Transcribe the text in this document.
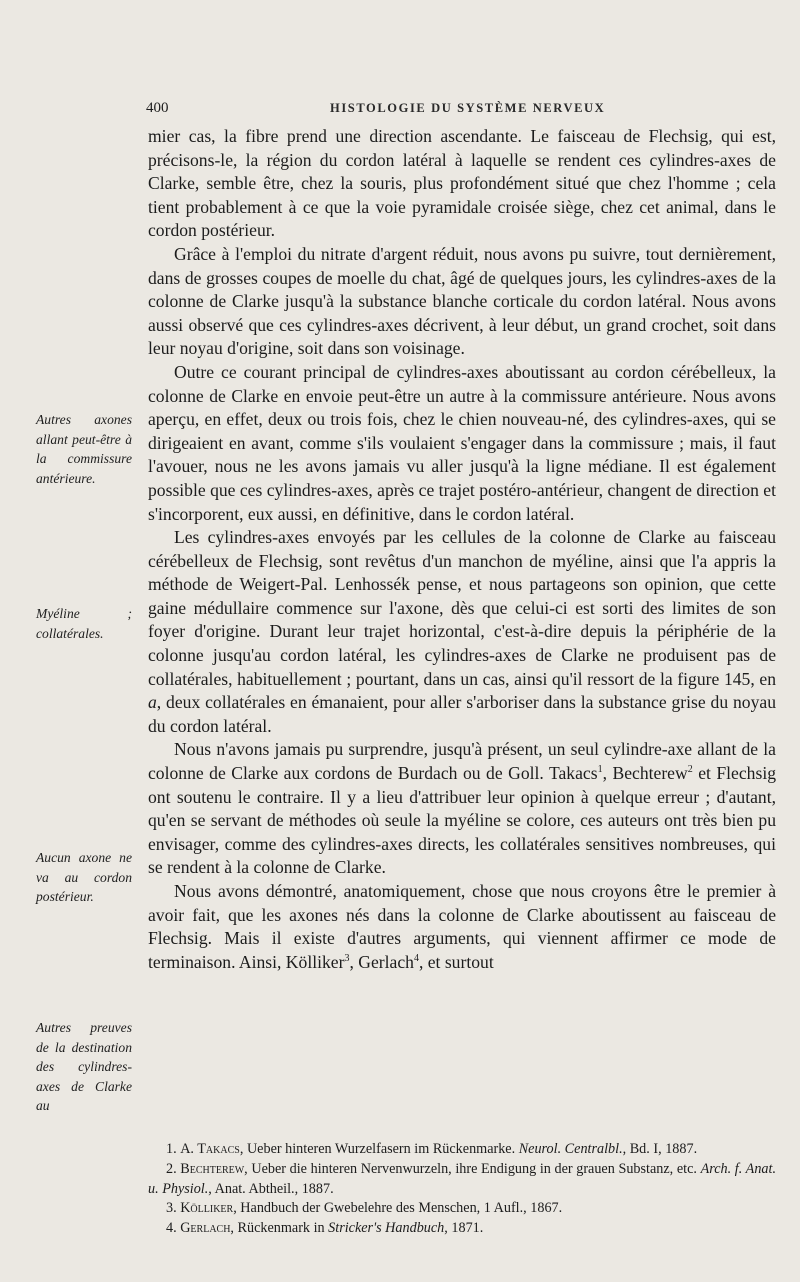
400	HISTOLOGIE DU SYSTÈME NERVEUX

mier cas, la fibre prend une direction ascendante. Le faisceau de Flechsig, qui est, précisons-le, la région du cordon latéral à laquelle se rendent ces cylindres-axes de Clarke, semble être, chez la souris, plus profondément situé que chez l'homme ; cela tient probablement à ce que la voie pyramidale croisée siège, chez cet animal, dans le cordon postérieur.

Grâce à l'emploi du nitrate d'argent réduit, nous avons pu suivre, tout dernièrement, dans de grosses coupes de moelle du chat, âgé de quelques jours, les cylindres-axes de la colonne de Clarke jusqu'à la substance blanche corticale du cordon latéral. Nous avons aussi observé que ces cylindres-axes décrivent, à leur début, un grand crochet, soit dans leur noyau d'origine, soit dans son voisinage.

Outre ce courant principal de cylindres-axes aboutissant au cordon cérébelleux, la colonne de Clarke en envoie peut-être un autre à la commissure antérieure. Nous avons aperçu, en effet, deux ou trois fois, chez le chien nouveau-né, des cylindres-axes, qui se dirigeaient en avant, comme s'ils voulaient s'engager dans la commissure ; mais, il faut l'avouer, nous ne les avons jamais vu aller jusqu'à la ligne médiane. Il est également possible que ces cylindres-axes, après ce trajet postéro-antérieur, changent de direction et s'incorporent, eux aussi, en définitive, dans le cordon latéral.

Les cylindres-axes envoyés par les cellules de la colonne de Clarke au faisceau cérébelleux de Flechsig, sont revêtus d'un manchon de myéline, ainsi que l'a appris la méthode de Weigert-Pal. Lenhossék pense, et nous partageons son opinion, que cette gaine médullaire commence sur l'axone, dès que celui-ci est sorti des limites de son foyer d'origine. Durant leur trajet horizontal, c'est-à-dire depuis la périphérie de la colonne jusqu'au cordon latéral, les cylindres-axes de Clarke ne produisent pas de collatérales, habituellement ; pourtant, dans un cas, ainsi qu'il ressort de la figure 145, en a, deux collatérales en émanaient, pour aller s'arboriser dans la substance grise du noyau du cordon latéral.

Nous n'avons jamais pu surprendre, jusqu'à présent, un seul cylindre-axe allant de la colonne de Clarke aux cordons de Burdach ou de Goll. Takacs$^1$, Bechterew$^2$ et Flechsig ont soutenu le contraire. Il y a lieu d'attribuer leur opinion à quelque erreur ; d'autant, qu'en se servant de méthodes où seule la myéline se colore, ces auteurs ont très bien pu envisager, comme des cylindres-axes directs, les collatérales sensitives nombreuses, qui se rendent à la colonne de Clarke.

Nous avons démontré, anatomiquement, chose que nous croyons être le premier à avoir fait, que les axones nés dans la colonne de Clarke aboutissent au faisceau de Flechsig. Mais il existe d'autres arguments, qui viennent affirmer ce mode de terminaison. Ainsi, Kölliker$^3$, Gerlach$^4$, et surtout

Autres axones allant peut-être à la commissure antérieure.
Myéline ; collatérales.
Aucun axone ne va au cordon postérieur.
Autres preuves de la destination des cylindres-axes de Clarke au

1. A. Takacs, Ueber hinteren Wurzelfasern im Rückenmarke. Neurol. Centralbl., Bd. I, 1887.

2. Bechterew, Ueber die hinteren Nervenwurzeln, ihre Endigung in der grauen Substanz, etc. Arch. f. Anat. u. Physiol., Anat. Abtheil., 1887.

3. Kölliker, Handbuch der Gwebelehre des Menschen, 1 Aufl., 1867.

4. Gerlach, Rückenmark in Stricker's Handbuch, 1871.
